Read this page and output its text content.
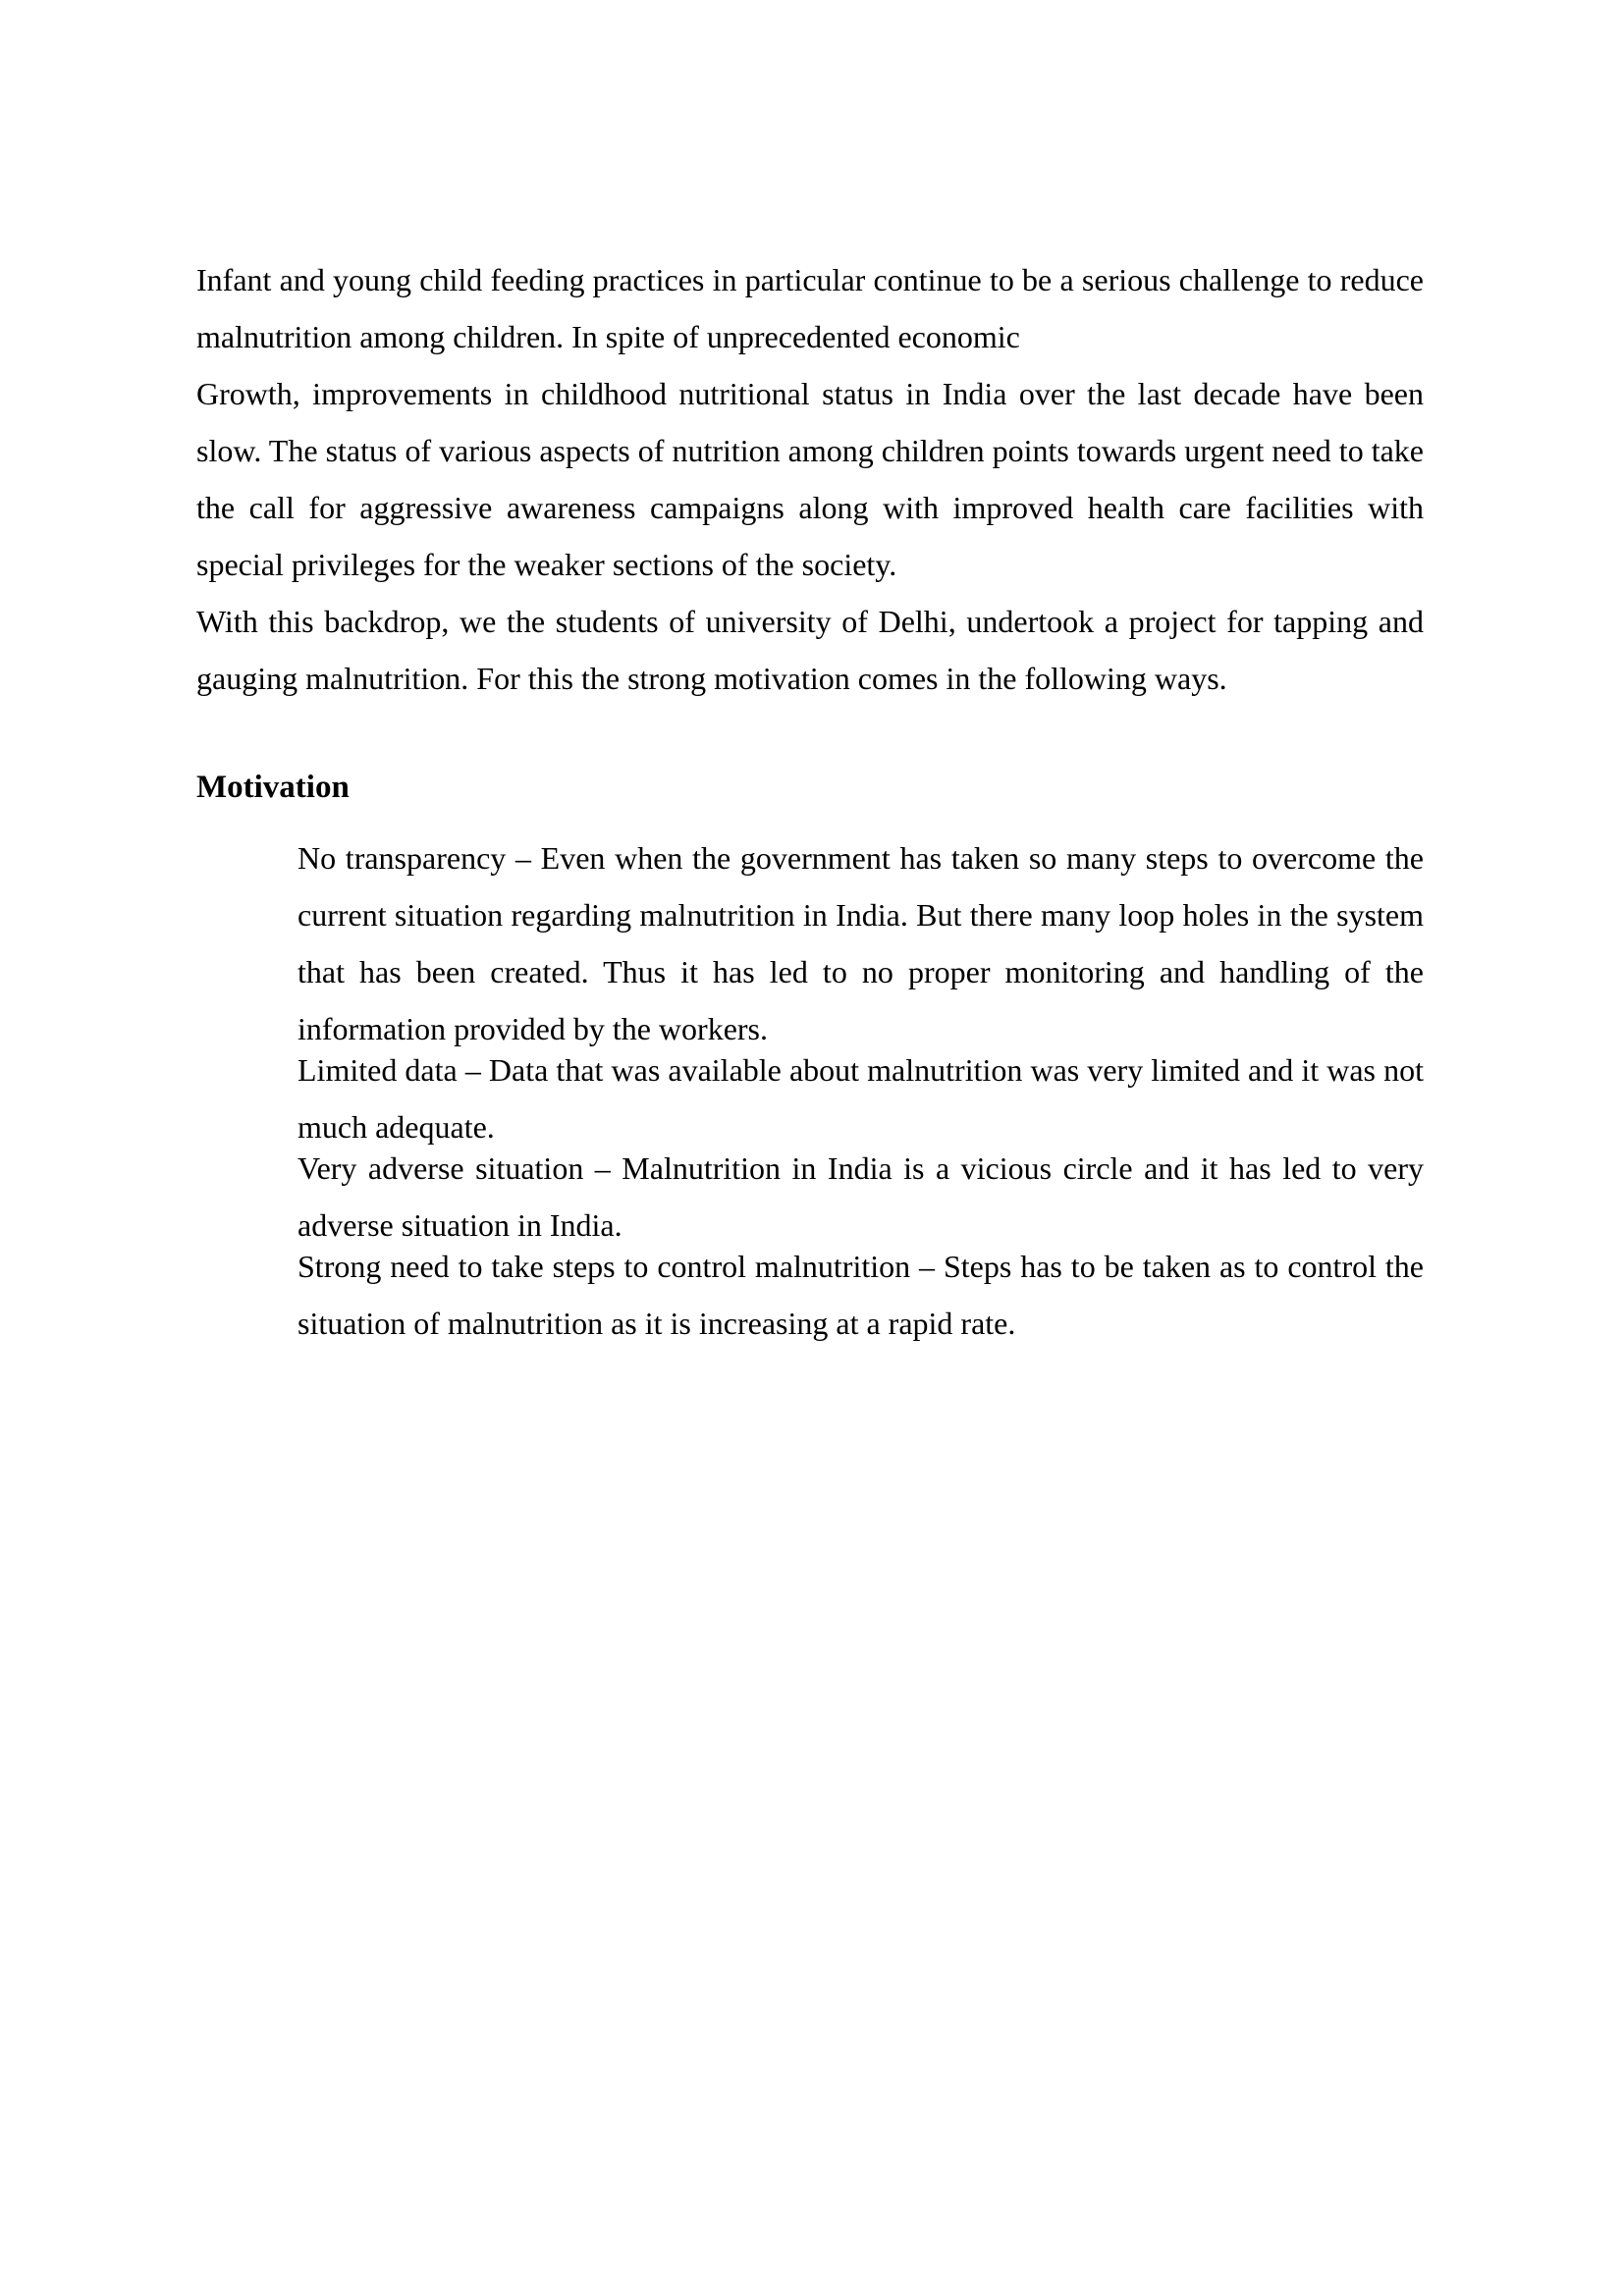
Infant and young child feeding practices in particular continue to be a serious challenge to reduce malnutrition among children. In spite of unprecedented economic

Growth, improvements in childhood nutritional status in India over the last decade have been slow. The status of various aspects of nutrition among children points towards urgent need to take the call for aggressive awareness campaigns along with improved health care facilities with special privileges for the weaker sections of the society.

With this backdrop, we the students of university of Delhi, undertook a project for tapping and gauging malnutrition. For this the strong motivation comes in the following ways.

Motivation

No transparency – Even when the government has taken so many steps to overcome the current situation regarding malnutrition in India. But there many loop holes in the system that has been created. Thus it has led to no proper monitoring and handling of the information provided by the workers.

Limited data – Data that was available about malnutrition was very limited and it was not much adequate.

Very adverse situation – Malnutrition in India is a vicious circle and it has led to very adverse situation in India.

Strong need to take steps to control malnutrition – Steps has to be taken as to control the situation of malnutrition as it is increasing at a rapid rate.
